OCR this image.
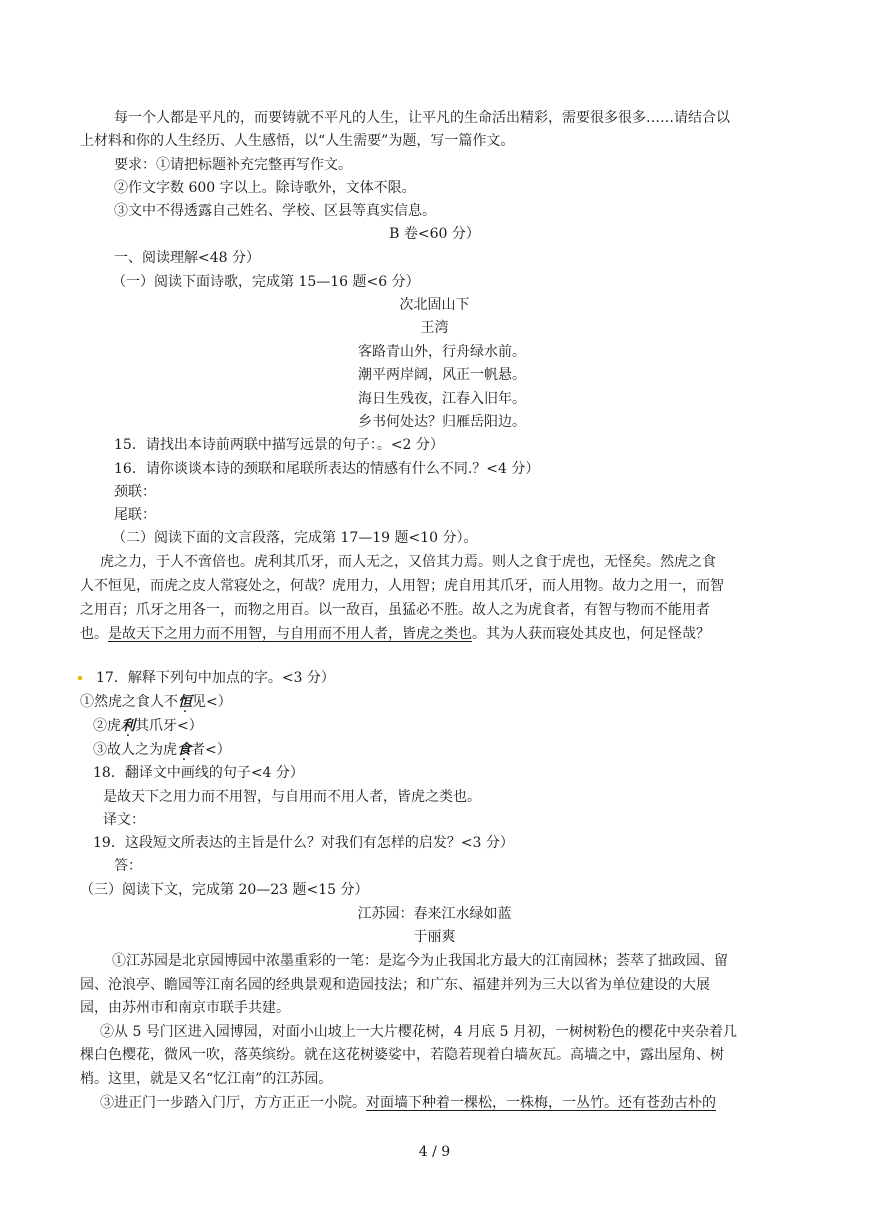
每一个人都是平凡的，而要铸就不平凡的人生，让平凡的生命活出精彩，需要很多很多……请结合以
上材料和你的人生经历、人生感悟，以“人生需要”为题，写一篇作文。
要求：①请把标题补充完整再写作文。
②作文字数 600 字以上。除诗歌外，文体不限。
③文中不得透露自己姓名、学校、区县等真实信息。
B 卷<60 分）
一、阅读理解<48 分）
（一）阅读下面诗歌，完成第 15—16 题<6 分）
次北固山下
王湾
客路青山外，行舟绿水前。
潮平两岸阔，风正一帆悬。
海日生残夜，江春入旧年。
乡书何处达？归雁岳阳边。
15．请找出本诗前两联中描写远景的句子：。<2 分）
16．请你谈谈本诗的颈联和尾联所表达的情感有什么不同.？<4 分）
颈联：
尾联：
（二）阅读下面的文言段落，完成第 17—19 题<10 分）。
虎之力，于人不啻倍也。虎利其爪牙，而人无之，又倍其力焉。则人之食于虎也，无怪矣。然虎之食
人不恒见，而虎之皮人常寝处之，何哉？虎用力，人用智；虎自用其爪牙，而人用物。故力之用一，而智
之用百；爪牙之用各一，而物之用百。以一敌百，虽猛必不胜。故人之为虎食者，有智与物而不能用者
也。是故天下之用力而不用智，与自用而不用人者，皆虎之类也。其为人获而寝处其皮也，何足怪哉？
17．解释下列句中加点的字。<3 分）
①然虎之食人不恒见<）
②虎利其爪牙<）
③故人之为虎食者<）
18．翻译文中画线的句子<4 分）
是故天下之用力而不用智，与自用而不用人者，皆虎之类也。
译文：
19．这段短文所表达的主旨是什么？对我们有怎样的启发？<3 分）
答：
（三）阅读下文，完成第 20—23 题<15 分）
江苏园：春来江水绿如蓝
于丽爽
①江苏园是北京园博园中浓墨重彩的一笔：是迄今为止我国北方最大的江南园林；荟萃了拙政园、留
园、沧浪亭、瞻园等江南名园的经典景观和造园技法；和广东、福建并列为三大以省为单位建设的大展
园，由苏州市和南京市联手共建。
②从 5 号门区进入园博园，对面小山坡上一大片樱花树，4 月底 5 月初，一树树粉色的樱花中夹杂着几
棵白色樱花，微风一吹，落英缤纷。就在这花树婆娑中，若隐若现着白墙灰瓦。高墙之中，露出屋角、树
梢。这里，就是又名“忆江南”的江苏园。
③进正门一步踏入门厅，方方正正一小院。对面墙下种着一棵松，一株梅，一丛竹。还有苍劲古朴的
4 / 9
